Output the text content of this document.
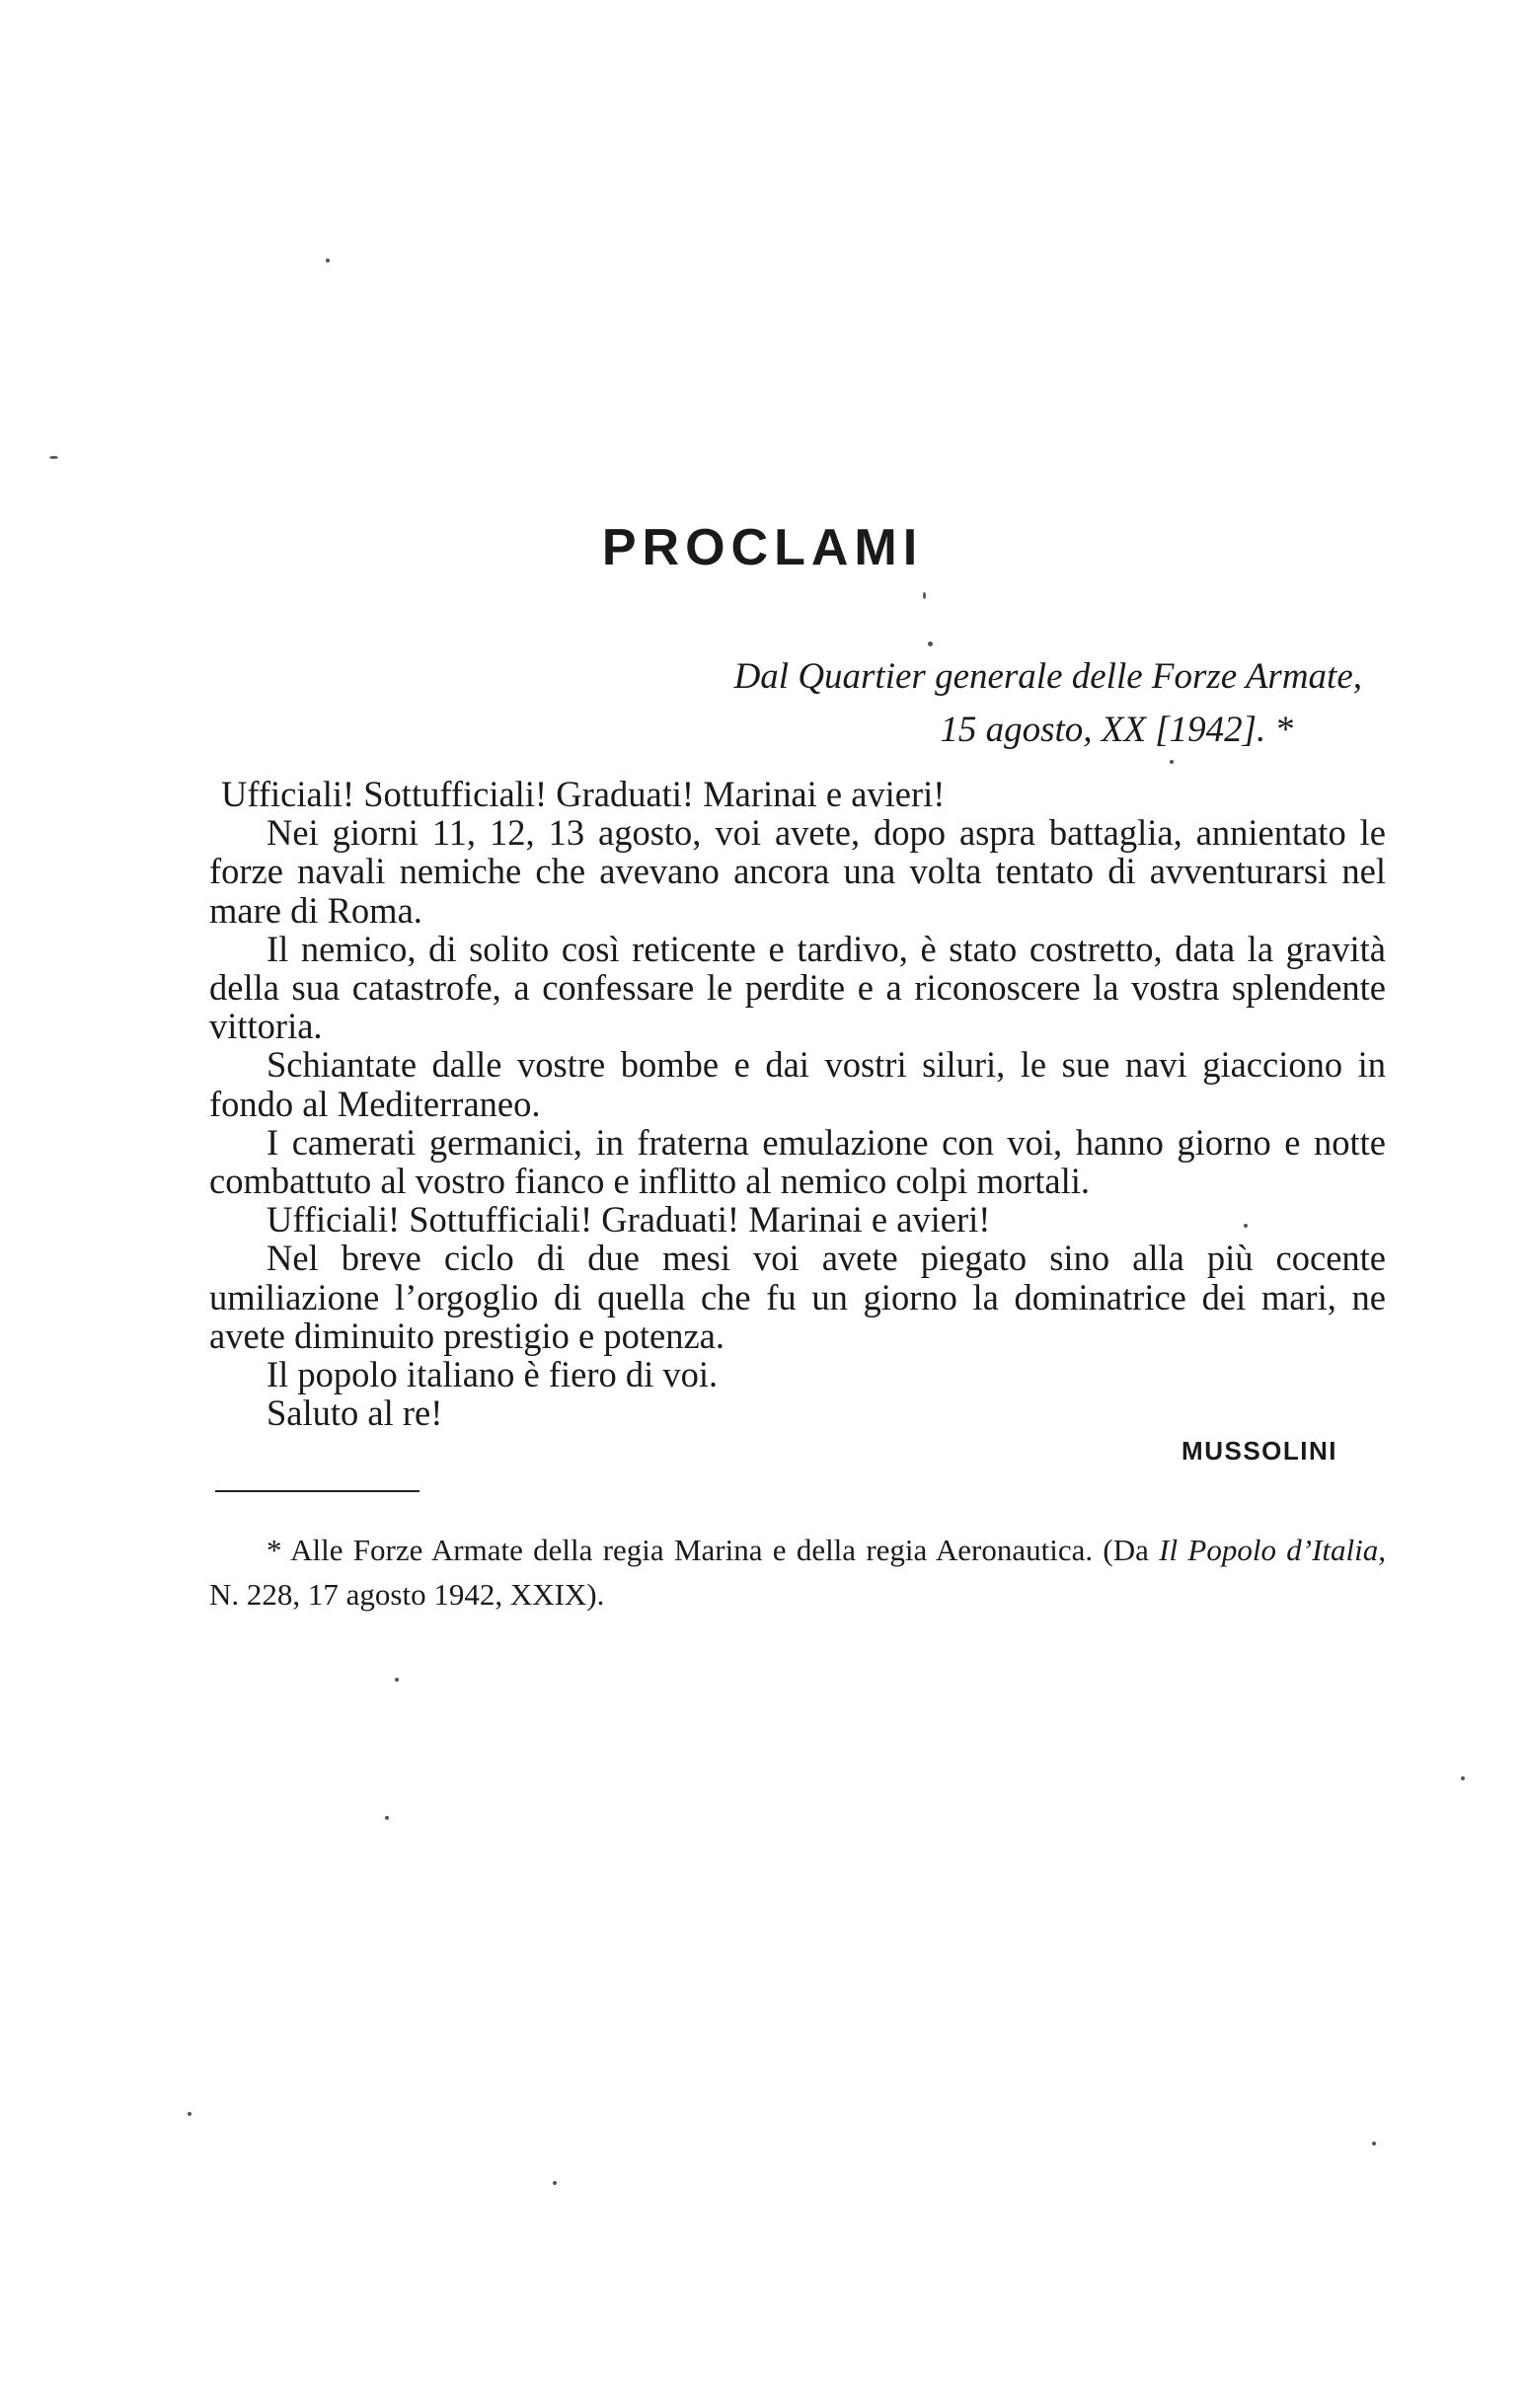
PROCLAMI
Dal Quartier generale delle Forze Armate,
15 agosto, XX [1942]. *

Ufficiali! Sottufficiali! Graduati! Marinai e avieri!

Nei giorni 11, 12, 13 agosto, voi avete, dopo aspra battaglia, annientato le forze navali nemiche che avevano ancora una volta tentato di avventurarsi nel mare di Roma.

Il nemico, di solito così reticente e tardivo, è stato costretto, data la gravità della sua catastrofe, a confessare le perdite e a riconoscere la vostra splendente vittoria.

Schiantate dalle vostre bombe e dai vostri siluri, le sue navi giacciono in fondo al Mediterraneo.

I camerati germanici, in fraterna emulazione con voi, hanno giorno e notte combattuto al vostro fianco e inflitto al nemico colpi mortali.

Ufficiali! Sottufficiali! Graduati! Marinai e avieri!

Nel breve ciclo di due mesi voi avete piegato sino alla più cocente umiliazione l’orgoglio di quella che fu un giorno la dominatrice dei mari, ne avete diminuito prestigio e potenza.

Il popolo italiano è fiero di voi.

Saluto al re!

MUSSOLINI

* Alle Forze Armate della regia Marina e della regia Aeronautica. (Da Il Popolo d’Italia, N. 228, 17 agosto 1942, XXIX).
